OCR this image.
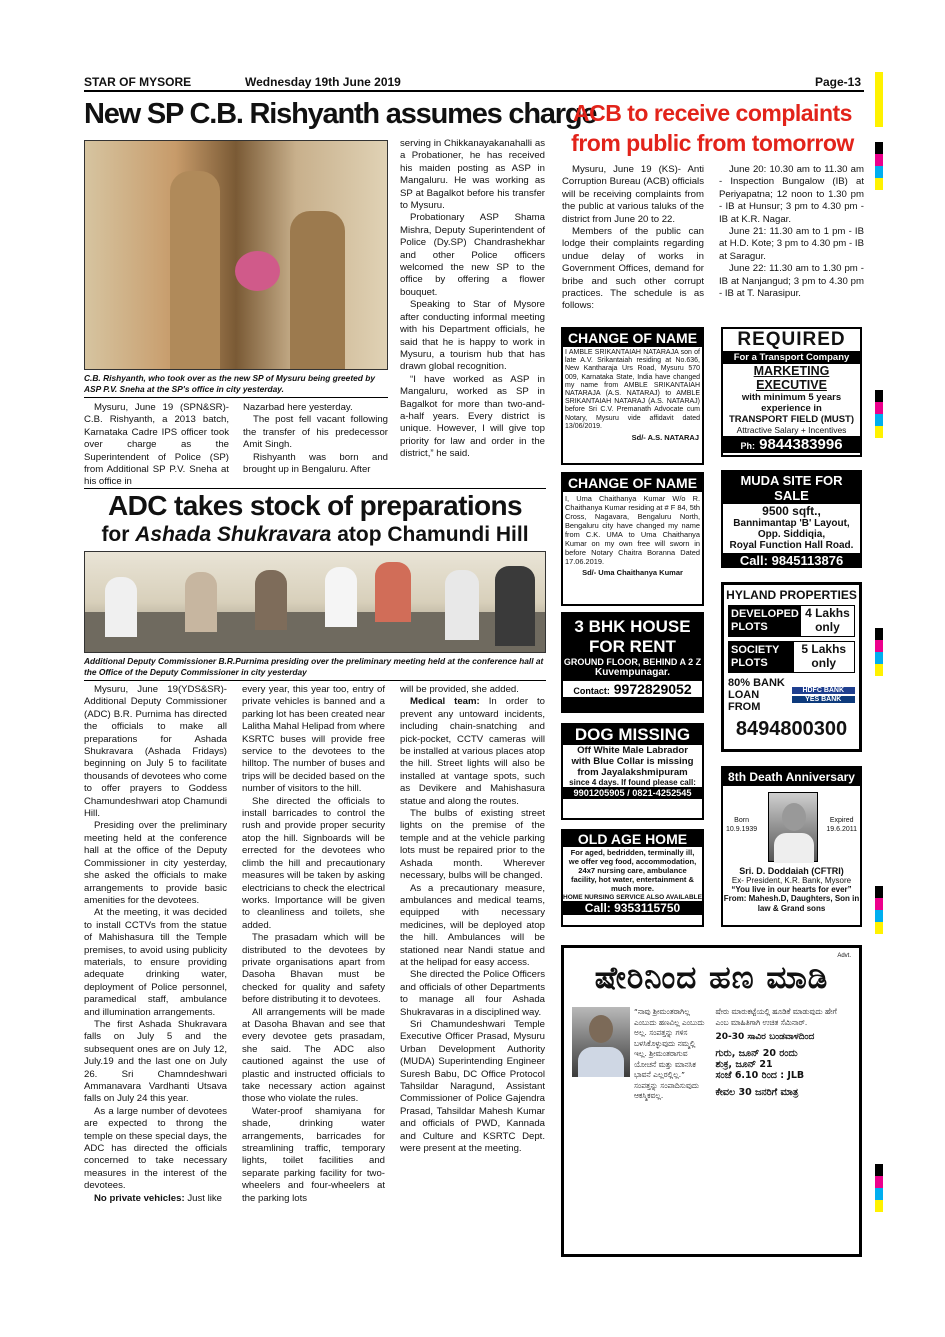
STAR OF MYSORE	Wednesday 19th June 2019	Page-13
New SP C.B. Rishyanth assumes charge
C.B. Rishyanth, who took over as the new SP of Mysuru being greeted by ASP P.V. Sneha at the SP's office in city yesterday.

Mysuru, June 19 (SPN&SR)- C.B. Rishyanth, a 2013 batch, Karnataka Cadre IPS officer took over charge as the Superintendent of Police (SP) from Additional SP P.V. Sneha at his office in

Nazarbad here yesterday.

The post fell vacant following the transfer of his predecessor Amit Singh.

Rishyanth was born and brought up in Bengaluru. After

serving in Chikkanayakanahalli as a Probationer, he has received his maiden posting as ASP in Mangaluru. He was working as SP at Bagalkot before his transfer to Mysuru.

Probationary ASP Shama Mishra, Deputy Superintendent of Police (Dy.SP) Chandrashekhar and other Police officers welcomed the new SP to the office by offering a flower bouquet.

Speaking to Star of Mysore after conducting informal meeting with his Department officials, he said that he is happy to work in Mysuru, a tourism hub that has drawn global recognition.

“I have worked as ASP in Mangaluru, worked as SP in Bagalkot for more than two-and-a-half years. Every district is unique. However, I will give top priority for law and order in the district,” he said.

ACB to receive complaints
from public from tomorrow

Mysuru, June 19 (KS)- Anti Corruption Bureau (ACB) officials will be receiving complaints from the public at various taluks of the district from June 20 to 22.

Members of the public can lodge their complaints regarding undue delay of works in Government Offices, demand for bribe and such other corrupt practices. The schedule is as follows:

June 20: 10.30 am to 11.30 am - Inspection Bungalow (IB) at Periyapatna; 12 noon to 1.30 pm - IB at Hunsur; 3 pm to 4.30 pm - IB at K.R. Nagar.

June 21: 11.30 am to 1 pm - IB at H.D. Kote; 3 pm to 4.30 pm - IB at Saragur.

June 22: 11.30 am to 1.30 pm - IB at Nanjangud; 3 pm to 4.30 pm - IB at T. Narasipur.

ADC takes stock of preparations
for Ashada Shukravara atop Chamundi Hill
Additional Deputy Commissioner B.R.Purnima presiding over the preliminary meeting held at the conference hall at the Office of the Deputy Commissioner in city yesterday

Mysuru, June 19(YDS&SR)- Additional Deputy Commissioner (ADC) B.R. Purnima has directed the officials to make all preparations for Ashada Shukravara (Ashada Fridays) beginning on July 5 to facilitate thousands of devotees who come to offer prayers to Goddess Chamundeshwari atop Chamundi Hill.

Presiding over the preliminary meeting held at the conference hall at the office of the Deputy Commissioner in city yesterday, she asked the officials to make arrangements to provide basic amenities for the devotees.

At the meeting, it was decided to install CCTVs from the statue of Mahishasura till the Temple premises, to avoid using publicity materials, to ensure providing adequate drinking water, deployment of Police personnel, paramedical staff, ambulance and illumination arrangements.

The first Ashada Shukravara falls on July 5 and the subsequent ones are on July 12, July.19 and the last one on July 26. Sri Chamndeshwari Ammanavara Vardhanti Utsava falls on July 24 this year.

As a large number of devotees are expected to throng the temple on these special days, the ADC has directed the officials concerned to take necessary measures in the interest of the devotees.

No private vehicles: Just like

every year, this year too, entry of private vehicles is banned and a parking lot has been created near Lalitha Mahal Helipad from where KSRTC buses will provide free service to the devotees to the hilltop. The number of buses and trips will be decided based on the number of visitors to the hill.

She directed the officials to install barricades to control the rush and provide proper security atop the hill. Signboards will be errected for the devotees who climb the hill and precautionary measures will be taken by asking electricians to check the electrical works. Importance will be given to cleanliness and toilets, she added.

The prasadam which will be distributed to the devotees by private organisations apart from Dasoha Bhavan must be checked for quality and safety before distributing it to devotees.

All arrangements will be made at Dasoha Bhavan and see that every devotee gets prasadam, she said. The ADC also cautioned against the use of plastic and instructed officials to take necessary action against those who violate the rules.

Water-proof shamiyana for shade, drinking water arrangements, barricades for streamlining traffic, temporary lights, toilet facilities and separate parking facility for two-wheelers and four-wheelers at the parking lots

will be provided, she added.

Medical team: In order to prevent any untoward incidents, including chain-snatching and pick-pocket, CCTV cameras will be installed at various places atop the hill. Street lights will also be installed at vantage spots, such as Devikere and Mahishasura statue and along the routes.

The bulbs of existing street lights on the premise of the temple and at the vehicle parking lots must be repaired prior to the Ashada month. Wherever necessary, bulbs will be changed.

As a precautionary measure, ambulances and medical teams, equipped with necessary medicines, will be deployed atop the hill. Ambulances will be stationed near Nandi statue and at the helipad for easy access.

She directed the Police Officers and officials of other Departments to manage all four Ashada Shukravaras in a disciplined way.

Sri Chamundeshwari Temple Executive Officer Prasad, Mysuru Urban Development Authority (MUDA) Superintending Engineer Suresh Babu, DC Office Protocol Tahsildar Naragund, Assistant Commissioner of Police Gajendra Prasad, Tahsildar Mahesh Kumar and officials of PWD, Kannada and Culture and KSRTC Dept. were present at the meeting.

CHANGE OF NAME
I AMBLE SRIKANTAIAH NATARAJA son of late A.V. Srikantaiah residing at No.636, New Kantharaja Urs Road, Mysuru 570 009, Karnataka State, India have changed my name from AMBLE SRIKANTAIAH NATARAJA (A.S. NATARAJ) to AMBLE SRIKANTAIAH NATARAJ (A.S. NATARAJ) before Sri C.V. Premanath Advocate cum Notary, Mysuru vide affidavit dated 13/06/2019.
Sd/- A.S. NATARAJ
CHANGE OF NAME
I, Uma Chaithanya Kumar W/o R. Chaithanya Kumar residing at # F 84, 5th Cross, Nagavara, Bengaluru North, Bengaluru city have changed my name from C.K. UMA to Uma Chaithanya Kumar on my own free will sworn in before Notary Chaitra Boranna Dated 17.06.2019.
Sd/- Uma Chaithanya Kumar
3 BHK HOUSE
FOR RENT
GROUND FLOOR, BEHIND A 2 Z
Kuvempunagar.
Contact: 9972829052
DOG MISSING
Off White Male Labrador
with Blue Collar is missing
from Jayalakshmipuram
since 4 days. If found please call:
9901205905 / 0821-4252545
OLD AGE HOME
For aged, bedridden, terminally ill, we offer veg food, accommodation, 24x7 nursing care, ambulance facility, hot water, entertainment & much more.
HOME NURSING SERVICE ALSO AVAILABLE
Call: 9353115750
REQUIRED
For a Transport Company
MARKETING EXECUTIVE
with minimum 5 years
experience in
TRANSPORT FIELD (MUST)
Attractive Salary + Incentives
Ph: 9844383996
MUDA SITE FOR SALE
9500 sqft.,
Bannimantap 'B' Layout,
Opp. Siddiqia,
Royal Function Hall Road.
Call: 9845113876
HYLAND PROPERTIES
DEVELOPED PLOTS
4 Lakhs only
SOCIETY PLOTS
5 Lakhs only
80% BANK
LOAN FROM
HDFC BANK
YES BANK
8494800300
8th Death Anniversary
Born
10.9.1939
Expired
19.6.2011
Sri. D. Doddaiah (CFTRI)
Ex- President, K.R. Bank, Mysore
“You live in our hearts for ever”
From: Mahesh.D, Daughters, Son in law & Grand sons
Advt.
ಷೇರಿನಿಂದ ಹಣ ಮಾಡಿ
“ನಾವು ಶ್ರೀಮಂತರಾಗಿಲ್ಲ ಎಂಬುದು ಹಣವಿಲ್ಲ ಎಂಬುದು ಅಲ್ಲ. ಸಂಪತ್ತನ್ನು ಗಳಿಸ ಬಳಸಿಕೊಳ್ಳುವುದು ನಮ್ಮಲ್ಲಿ ಇಲ್ಲ. ಶ್ರೀಮಂತರಾಗುವ ಯೋಚನೆ ಮತ್ತು ಮಾನಸಿಕ ಭಾವನೆ ಎಲ್ಲರಲ್ಲಿಲ್ಲ.” ಸಂಪತ್ತನ್ನು ಸಂಪಾದಿಸುವುದು ಆಕಸ್ಮಿಕವಲ್ಲ.
ಷೇರು ಮಾರುಕಟ್ಟೆಯಲ್ಲಿ ಹೂಡಿಕೆ ಮಾಡುವುದು ಹೇಗೆ ಎಂಬ ಮಾಹಿತಿಗಾಗಿ ಉಚಿತ ಸೆಮಿನಾರ್.
20-30 ಸಾವಿರ ಬಂಡವಾಳದಿಂದ
ಗುರು, ಜೂನ್ 20 ರಂದು
ಶುಕ್ರ, ಜೂನ್ 21
ಸಂಜೆ 6.10 ರಿಂದ : JLB
ಕೇವಲ 30 ಜನರಿಗೆ ಮಾತ್ರ
